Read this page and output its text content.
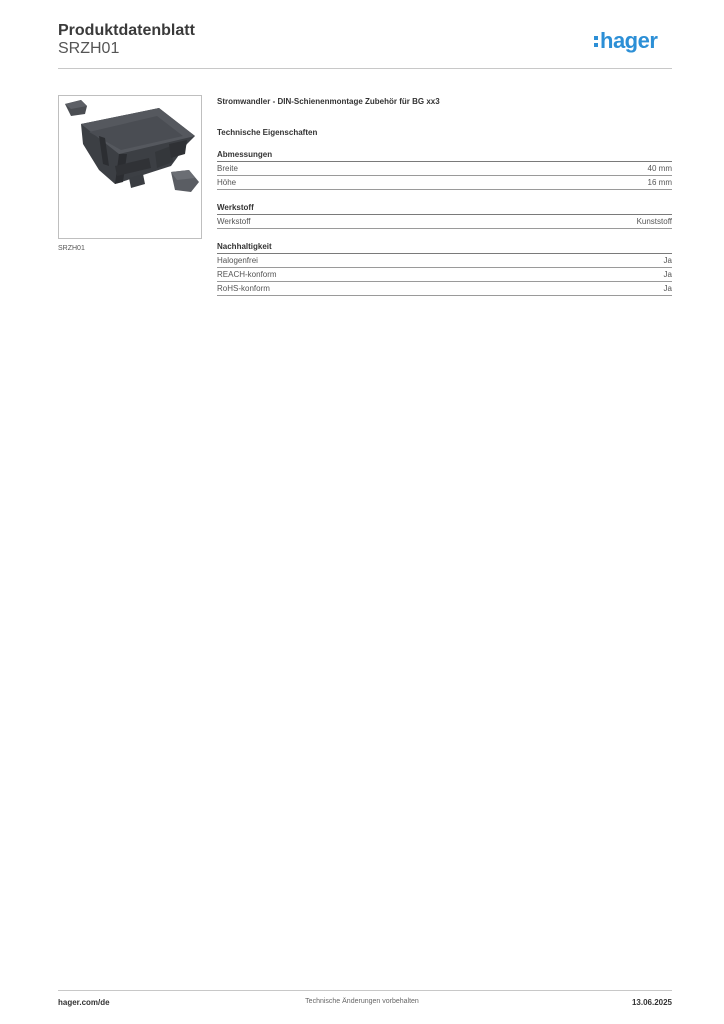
Produktdatenblatt
SRZH01	hager
SRZH01
Stromwandler - DIN-Schienenmontage Zubehör für BG xx3
Technische Eigenschaften
Abmessungen
Breite	40 mm
Höhe	16 mm
Werkstoff
Werkstoff	Kunststoff
Nachhaltigkeit
Halogenfrei	Ja
REACH-konform	Ja
RoHS-konform	Ja
hager.com/de	Technische Änderungen vorbehalten	13.06.2025
